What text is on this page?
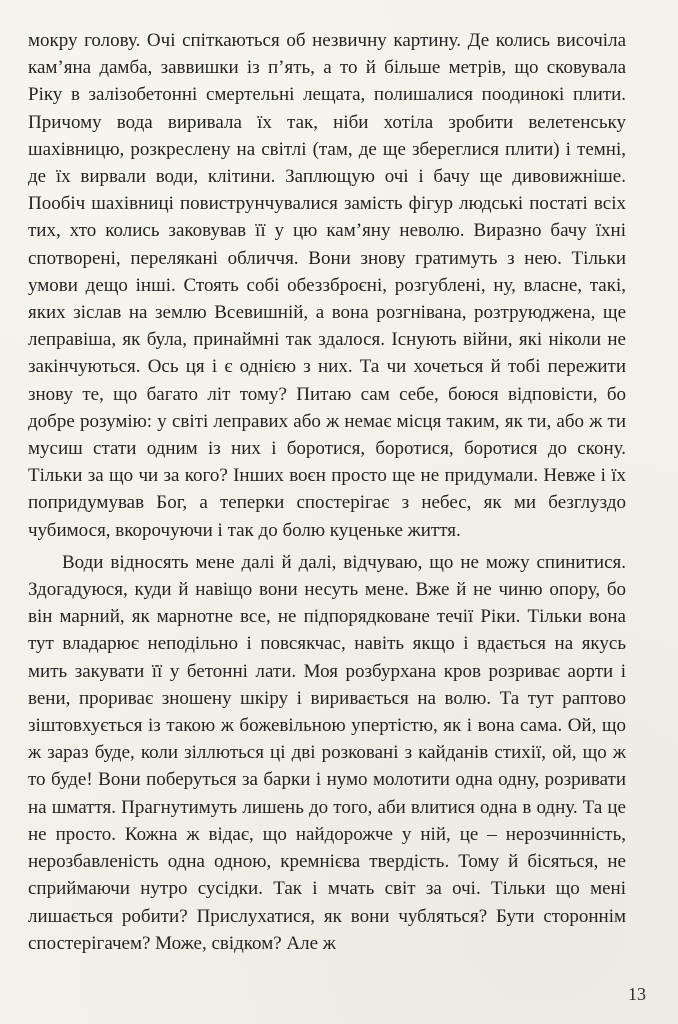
мокру голову. Очі спіткаються об незвичну картину. Де колись височіла кам’яна дамба, заввишки із п’ять, а то й більше метрів, що сковувала Ріку в залізобетонні смертельні лещата, полишалися поодинокі плити. Причому вода виривала їх так, ніби хотіла зробити велетенську шахівницю, розкреслену на світлі (там, де ще збереглися плити) і темні, де їх вирвали води, клітини. Заплющую очі і бачу ще дивовижніше. Пообіч шахівниці повиструнчувалися замість фігур людські постаті всіх тих, хто колись заковував її у цю кам’яну неволю. Виразно бачу їхні спотворені, перелякані обличчя. Вони знову гратимуть з нею. Тільки умови дещо інші. Стоять собі обеззброєні, розгублені, ну, власне, такі, яких зіслав на землю Всевишній, а вона розгнівана, розтруюджена, ще леправіша, як була, принаймні так здалося. Існують війни, які ніколи не закінчуються. Ось ця і є однією з них. Та чи хочеться й тобі пережити знову те, що багато літ тому? Питаю сам себе, боюся відповісти, бо добре розумію: у світі леправих або ж немає місця таким, як ти, або ж ти мусиш стати одним із них і боротися, боротися, боротися до скону. Тільки за що чи за кого? Інших воєн просто ще не придумали. Невже і їх попридумував Бог, а теперки спостерігає з небес, як ми безглуздо чубимося, вкорочуючи і так до болю куценьке життя.

Води відносять мене далі й далі, відчуваю, що не можу спинитися. Здогадуюся, куди й навіщо вони несуть мене. Вже й не чиню опору, бо він марний, як марнотне все, не підпорядковане течії Ріки. Тільки вона тут владарює неподільно і повсякчас, навіть якщо і вдається на якусь мить закувати її у бетонні лати. Моя розбурхана кров розриває аорти і вени, прориває зношену шкіру і виривається на волю. Та тут раптово зіштовхується із такою ж божевільною упертістю, як і вона сама. Ой, що ж зараз буде, коли зіллються ці дві розковані з кайданів стихії, ой, що ж то буде! Вони поберуться за барки і нумо молотити одна одну, розривати на шмаття. Прагнутимуть лишень до того, аби влитися одна в одну. Та це не просто. Кожна ж відає, що найдорожче у ній, це – нерозчинність, нерозбавленість одна одною, кремнієва твердість. Тому й бісяться, не сприймаючи нутро сусідки. Так і мчать світ за очі. Тільки що мені лишається робити? Прислухатися, як вони чубляться? Бути стороннім спостерігачем? Може, свідком? Але ж

13
